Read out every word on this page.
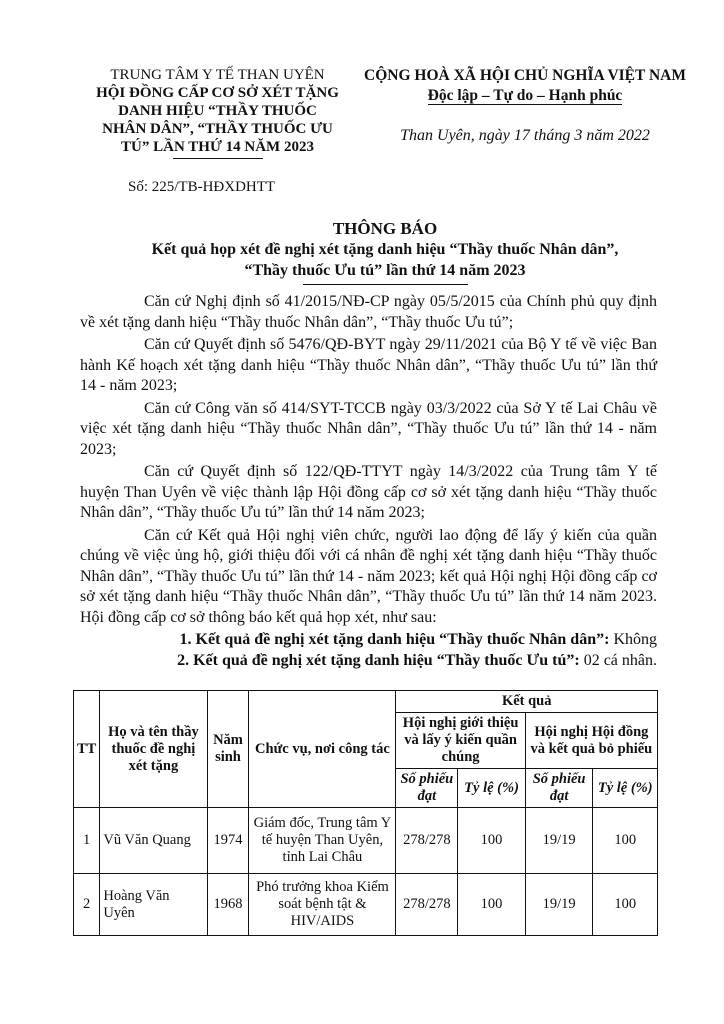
TRUNG TÂM Y TẾ THAN UYÊN
HỘI ĐỒNG CẤP CƠ SỞ XÉT TẶNG
DANH HIỆU “THẦY THUỐC
NHÂN DÂN”, “THẦY THUỐC ƯU
TÚ” LẦN THỨ 14 NĂM 2023
CỘNG HOÀ XÃ HỘI CHỦ NGHĨA VIỆT NAM
Độc lập – Tự do – Hạnh phúc
Than Uyên, ngày 17 tháng 3 năm 2022
Số: 225/TB-HĐXDHTT
THÔNG BÁO
Kết quả họp xét đề nghị xét tặng danh hiệu “Thầy thuốc Nhân dân”,
“Thầy thuốc Ưu tú” lần thứ 14 năm 2023

Căn cứ Nghị định số 41/2015/NĐ-CP ngày 05/5/2015 của Chính phủ quy định về xét tặng danh hiệu “Thầy thuốc Nhân dân”, “Thầy thuốc Ưu tú”;

Căn cứ Quyết định số 5476/QĐ-BYT ngày 29/11/2021 của Bộ Y tế về việc Ban hành Kế hoạch xét tặng danh hiệu “Thầy thuốc Nhân dân”, “Thầy thuốc Ưu tú” lần thứ 14 - năm 2023;

Căn cứ Công văn số 414/SYT-TCCB ngày 03/3/2022 của Sở Y tế Lai Châu về việc xét tặng danh hiệu “Thầy thuốc Nhân dân”, “Thầy thuốc Ưu tú” lần thứ 14 - năm 2023;

Căn cứ Quyết định số 122/QĐ-TTYT ngày 14/3/2022 của Trung tâm Y tế huyện Than Uyên về việc thành lập Hội đồng cấp cơ sở xét tặng danh hiệu “Thầy thuốc Nhân dân”, “Thầy thuốc Ưu tú” lần thứ 14 năm 2023;

Căn cứ Kết quả Hội nghị viên chức, người lao động để lấy ý kiến của quần chúng về việc ủng hộ, giới thiệu đối với cá nhân đề nghị xét tặng danh hiệu “Thầy thuốc Nhân dân”, “Thầy thuốc Ưu tú” lần thứ 14 - năm 2023; kết quả Hội nghị Hội đồng cấp cơ sở xét tặng danh hiệu “Thầy thuốc Nhân dân”, “Thầy thuốc Ưu tú” lần thứ 14 năm 2023. Hội đồng cấp cơ sở thông báo kết quả họp xét, như sau:

1. Kết quả đề nghị xét tặng danh hiệu “Thầy thuốc Nhân dân”: Không
2. Kết quả đề nghị xét tặng danh hiệu “Thầy thuốc Ưu tú”: 02 cá nhân.
TT	Họ và tên thầy thuốc đề nghị xét tặng	Năm sinh	Chức vụ, nơi công tác	Kết quả			
				Hội nghị giới thiệu và lấy ý kiến quần chúng		Hội nghị Hội đồng và kết quả bỏ phiếu	
				Số phiếu đạt	Tỷ lệ (%)	Số phiếu đạt	Tỷ lệ (%)
1	Vũ Văn Quang	1974	Giám đốc, Trung tâm Y tế huyện Than Uyên, tỉnh Lai Châu	278/278	100	19/19	100
2	Hoàng Văn Uyên	1968	Phó trưởng khoa Kiểm soát bệnh tật & HIV/AIDS	278/278	100	19/19	100
